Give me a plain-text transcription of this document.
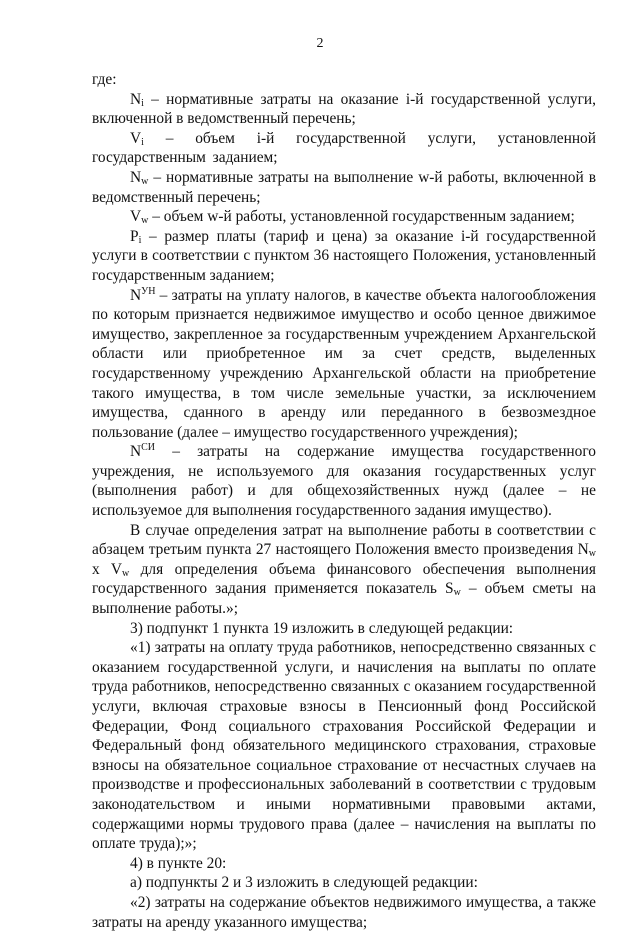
2

где:

$N_i$ – нормативные затраты на оказание i-й государственной услуги, включенной в ведомственный перечень;

$V_i$ – объем i-й государственной услуги, установленной государственным заданием;

$N_w$ – нормативные затраты на выполнение w-й работы, включенной в ведомственный перечень;

$V_w$ – объем w-й работы, установленной государственным заданием;

$P_i$ – размер платы (тариф и цена) за оказание i-й государственной услуги в соответствии с пунктом 36 настоящего Положения, установленный государственным заданием;

$N^{УН}$ – затраты на уплату налогов, в качестве объекта налогообложения по которым признается недвижимое имущество и особо ценное движимое имущество, закрепленное за государственным учреждением Архангельской области или приобретенное им за счет средств, выделенных государственному учреждению Архангельской области на приобретение такого имущества, в том числе земельные участки, за исключением имущества, сданного в аренду или переданного в безвозмездное пользование (далее – имущество государственного учреждения);

$N^{СИ}$ – затраты на содержание имущества государственного учреждения, не используемого для оказания государственных услуг (выполнения работ) и для общехозяйственных нужд (далее – не используемое для выполнения государственного задания имущество).

В случае определения затрат на выполнение работы в соответствии с абзацем третьим пункта 27 настоящего Положения вместо произведения $N_w$ x $V_w$ для определения объема финансового обеспечения выполнения государственного задания применяется показатель $S_w$ – объем сметы на выполнение работы.»;

3) подпункт 1 пункта 19 изложить в следующей редакции:

«1) затраты на оплату труда работников, непосредственно связанных с оказанием государственной услуги, и начисления на выплаты по оплате труда работников, непосредственно связанных с оказанием государственной услуги, включая страховые взносы в Пенсионный фонд Российской Федерации, Фонд социального страхования Российской Федерации и Федеральный фонд обязательного медицинского страхования, страховые взносы на обязательное социальное страхование от несчастных случаев на производстве и профессиональных заболеваний в соответствии с трудовым законодательством и иными нормативными правовыми актами, содержащими нормы трудового права (далее – начисления на выплаты по оплате труда);»;

4) в пункте 20:

а) подпункты 2 и 3 изложить в следующей редакции:

«2) затраты на содержание объектов недвижимого имущества, а также затраты на аренду указанного имущества;
